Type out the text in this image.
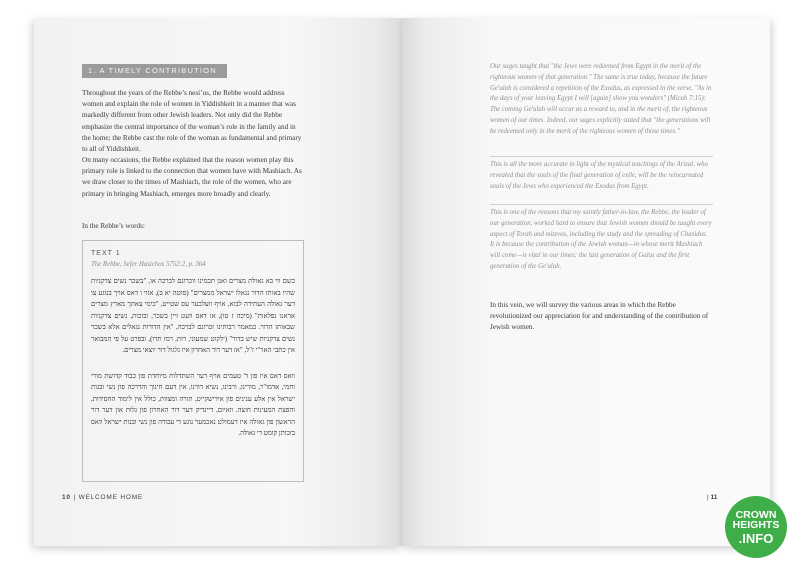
1. A TIMELY CONTRIBUTION

Throughout the years of the Rebbe’s nesi’us, the Rebbe would address women and explain the role of women in Yiddishkeit in a manner that was markedly different from other Jewish leaders. Not only did the Rebbe emphasize the central importance of the woman’s role in the family and in the home; the Rebbe cast the role of the woman as fundamental and primary to all of Yiddishkeit.

On many occasions, the Rebbe explained that the reason women play this primary role is linked to the connection that women have with Mashiach. As we draw closer to the times of Mashiach, the role of the women, who are primary in bringing Mashiach, emerges more broadly and clearly.

In the Rebbe’s words:

TEXT 1
The Rebbe, Sefer Hasichos 5752:2, p. 364

כשם ווי בא גאולת מצרים ואנן תכמינו ווכרונם לברכה או, "בשכר נשים צדקניות שהיו באותו הדור נגאלו ישראל ממצרים" (סוטה יא ב), אזוי ו דאס אויך בנוגע צו דער גאולה העתידה לבוא, אויף וועלכער עס שטייט, "כימי צאתך מארץ מצרים אראנו נפלאות" (מיכה ז טו), אז דאס וועט זיין בשכר, ובזכות, נשים צדקניות שבאותו הדור. כמאמר רבותינו זכרונם לברכה, "אין הדורות נגאלים אלא בשכר נשים צדקניות שיש בדור" (ילקוט שמעוני, רות, רמז תרו), ובפרט על פי המבואר אין כתבי האר"י ז"ל, "אז דער דור האחרון איז גלגול דור יוצאי מצרים.

וואס דאס איז פון ד' טעמים אויף דער השתדלות מיוחדת פון כבוד קדושת מורי וחמי, אדמו"ר, מורינו, ורבינו, נשיא דורנו, אין דעם חינוך והדרכה פון נשי ובנות ישראל אין אלע ענינים פון אידישקייט, תורה ומצוות, כולל אין לימוד החסידות, והפצת המעינות חוצה. וואיום, דיינדיק דער דור האחרון פון גלות און דער דור הראשון פון גאולה איז דעמולט נאכמער נוגע די עבודה פון נשי ובנות ישראל וואס בזכותן קומט די גאולה.

10 | WELCOME HOME

Our sages taught that "the Jews were redeemed from Egypt in the merit of the righteous women of that generation." The same is true today, because the future Ge'ulah is considered a repetition of the Exodus, as expressed in the verse, "As in the days of your leaving Egypt I will [again] show you wonders" (Micah 7:15): The coming Ge'ulah will occur as a reward to, and in the merit of, the righteous women of our times. Indeed, our sages explicitly stated that "the generations will be redeemed only in the merit of the righteous women of those times."

This is all the more accurate in light of the mystical teachings of the Arizal, who revealed that the souls of the final generation of exile, will be the reincarnated souls of the Jews who experienced the Exodus from Egypt.

This is one of the reasons that my saintly father-in-law, the Rebbe, the leader of our generation, worked hard to ensure that Jewish women should be taught every aspect of Torah and mitzvos, including the study and the spreading of Chasidus. It is because the contribution of the Jewish woman—in whose merit Mashiach will come—is vital in our times: the last generation of Galus and the first generation of the Ge'ulah.

In this vein, we will survey the various areas in which the Rebbe revolutionized our appreciation for and understanding of the contribution of Jewish women.

| 11
CROWN
HEIGHTS
.INFO
